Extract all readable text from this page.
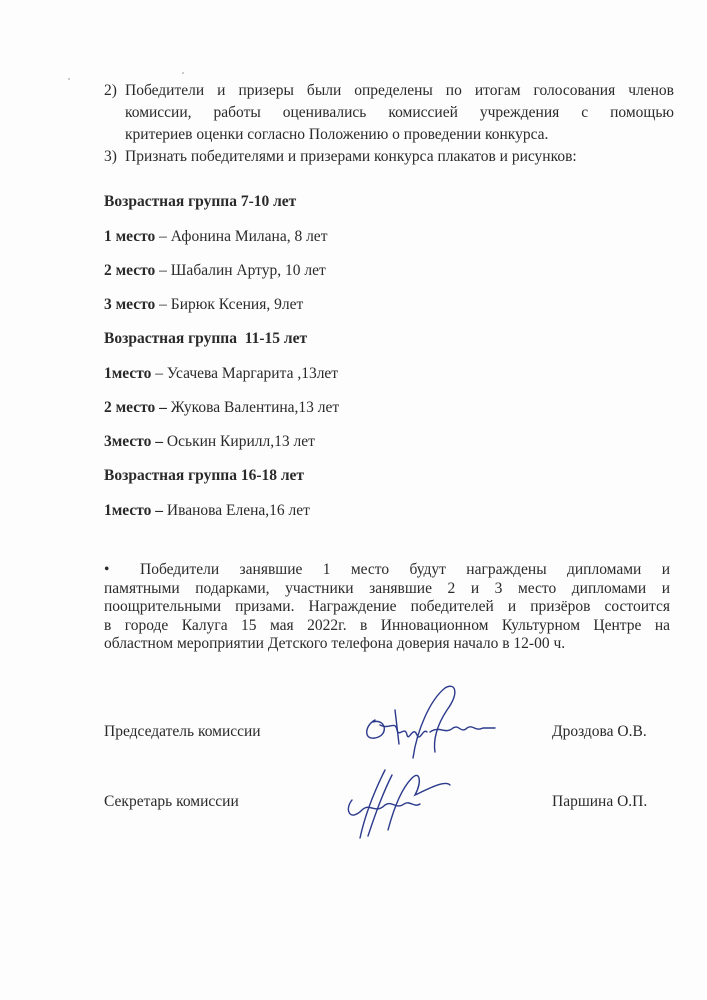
2) Победители и призеры были определены по итогам голосования членов
комиссии, работы оценивались комиссией учреждения с помощью
критериев оценки согласно Положению о проведении конкурса.
3) Признать победителями и призерами конкурса плакатов и рисунков:
Возрастная группа 7-10 лет
1 место – Афонина Милана, 8 лет
2 место – Шабалин Артур, 10 лет
3 место – Бирюк Ксения, 9лет
Возрастная группа  11-15 лет
1место – Усачева Маргарита ,13лет
2 место – Жукова Валентина,13 лет
3место – Оськин Кирилл,13 лет
Возрастная группа 16-18 лет
1место – Иванова Елена,16 лет
• Победители занявшие 1 место будут награждены дипломами и
памятными подарками, участники занявшие 2 и 3 место дипломами и
поощрительными призами. Награждение победителей и призёров состоится
в городе Калуга 15 мая 2022г. в Инновационном Культурном Центре на
областном мероприятии Детского телефона доверия начало в 12-00 ч.
Председатель комиссии	Дроздова О.В.
Секретарь комиссии	Паршина О.П.
